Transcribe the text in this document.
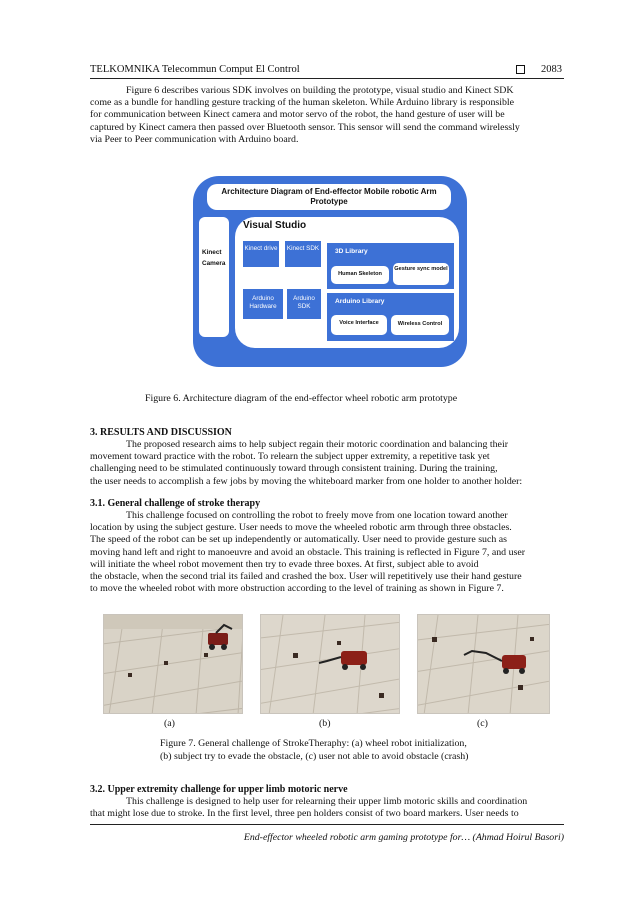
TELKOMNIKA Telecommun Comput El Control	2083
Figure 6 describes various SDK involves on building the prototype, visual studio and Kinect SDK
come as a bundle for handling gesture tracking of the human skeleton. While Arduino library is responsible
for communication between Kinect camera and motor servo of the robot, the hand gesture of user will be
captured by Kinect camera then passed over Bluetooth sensor. This sensor will send the command wirelessly
via Peer to Peer communication with Arduino board.
Architecture Diagram of End-effector Mobile robotic Arm Prototype
Kinect
Camera
Visual Studio
Kinect drive	Kinect SDK
Arduino Hardware
Arduino SDK
3D Library
Human Skeleton
Gesture sync model
Arduino Library
Voice Interface	Wireless Control
Figure 6. Architecture diagram of the end-effector wheel robotic arm prototype
3. RESULTS AND DISCUSSION
The proposed research aims to help subject regain their motoric coordination and balancing their
movement toward practice with the robot. To relearn the subject upper extremity, a repetitive task yet
challenging need to be stimulated continuously toward through consistent training. During the training,
the user needs to accomplish a few jobs by moving the whiteboard marker from one holder to another holder:
3.1. General challenge of stroke therapy
This challenge focused on controlling the robot to freely move from one location toward another
location by using the subject gesture. User needs to move the wheeled robotic arm through three obstacles.
The speed of the robot can be set up independently or automatically. User need to provide gesture such as
moving hand left and right to manoeuvre and avoid an obstacle. This training is reflected in Figure 7, and user
will initiate the wheel robot movement then try to evade three boxes. At first, subject able to avoid
the obstacle, when the second trial its failed and crashed the box. User will repetitively use their hand gesture
to move the wheeled robot with more obstruction according to the level of training as shown in Figure 7.
(a)	(b)	(c)
Figure 7. General challenge of StrokeTheraphy: (a) wheel robot initialization,
(b) subject try to evade the obstacle, (c) user not able to avoid obstacle (crash)
3.2. Upper extremity challenge for upper limb motoric nerve
This challenge is designed to help user for relearning their upper limb motoric skills and coordination
that might lose due to stroke. In the first level, three pen holders consist of two board markers. User needs to
End-effector wheeled robotic arm gaming prototype for… (Ahmad Hoirul Basori)
